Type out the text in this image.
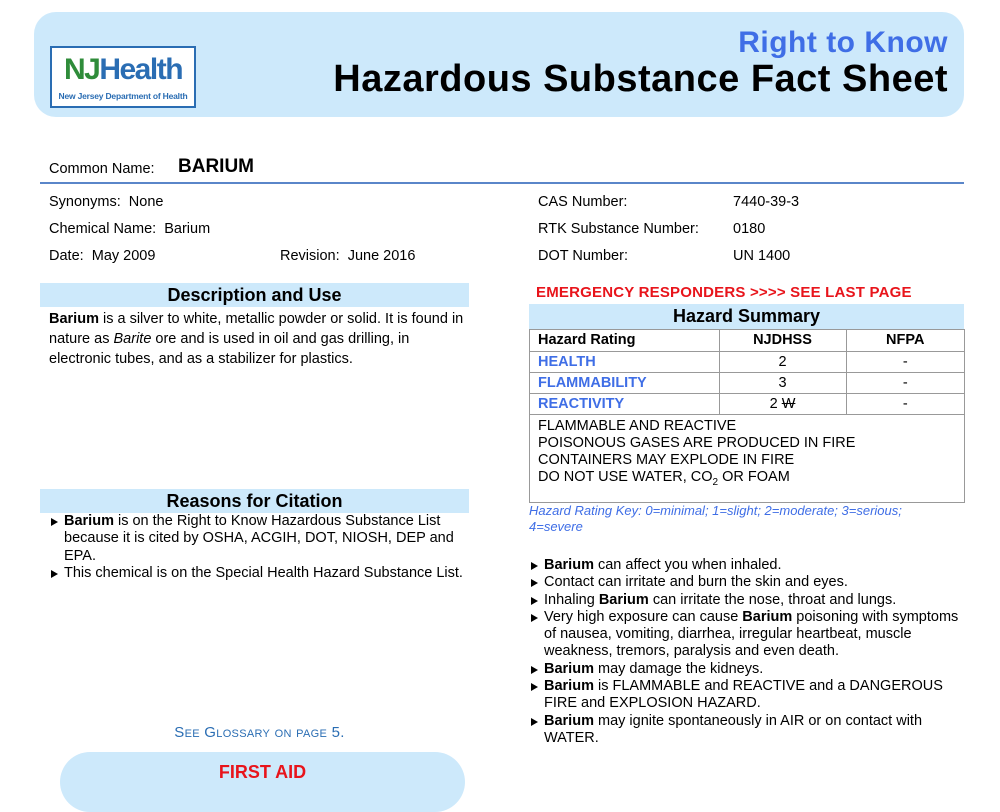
NJHealth
New Jersey Department of Health
Right to Know
Hazardous Substance Fact Sheet
Common Name: BARIUM
Synonyms: None
Chemical Name: Barium
Date: May 2009	Revision: June 2016
CAS Number:	7440-39-3
RTK Substance Number: 0180
DOT Number:	UN 1400
Description and Use
Barium is a silver to white, metallic powder or solid. It is found in nature as Barite ore and is used in oil and gas drilling, in electronic tubes, and as a stabilizer for plastics.
Reasons for Citation
Barium is on the Right to Know Hazardous Substance List because it is cited by OSHA, ACGIH, DOT, NIOSH, DEP and EPA.
This chemical is on the Special Health Hazard Substance List.
See Glossary on page 5.
FIRST AID
EMERGENCY RESPONDERS >>>> SEE LAST PAGE
Hazard Summary
Hazard Rating	NJDHSS	NFPA
HEALTH	2	-
FLAMMABILITY	3	-
REACTIVITY	2 W	-
FLAMMABLE AND REACTIVE
POISONOUS GASES ARE PRODUCED IN FIRE
CONTAINERS MAY EXPLODE IN FIRE
DO NOT USE WATER, $CO_2$ OR FOAM
Hazard Rating Key: 0=minimal; 1=slight; 2=moderate; 3=serious; 4=severe
Barium can affect you when inhaled.
Contact can irritate and burn the skin and eyes.
Inhaling Barium can irritate the nose, throat and lungs.
Very high exposure can cause Barium poisoning with symptoms of nausea, vomiting, diarrhea, irregular heartbeat, muscle weakness, tremors, paralysis and even death.
Barium may damage the kidneys.
Barium is FLAMMABLE and REACTIVE and a DANGEROUS FIRE and EXPLOSION HAZARD.
Barium may ignite spontaneously in AIR or on contact with WATER.
